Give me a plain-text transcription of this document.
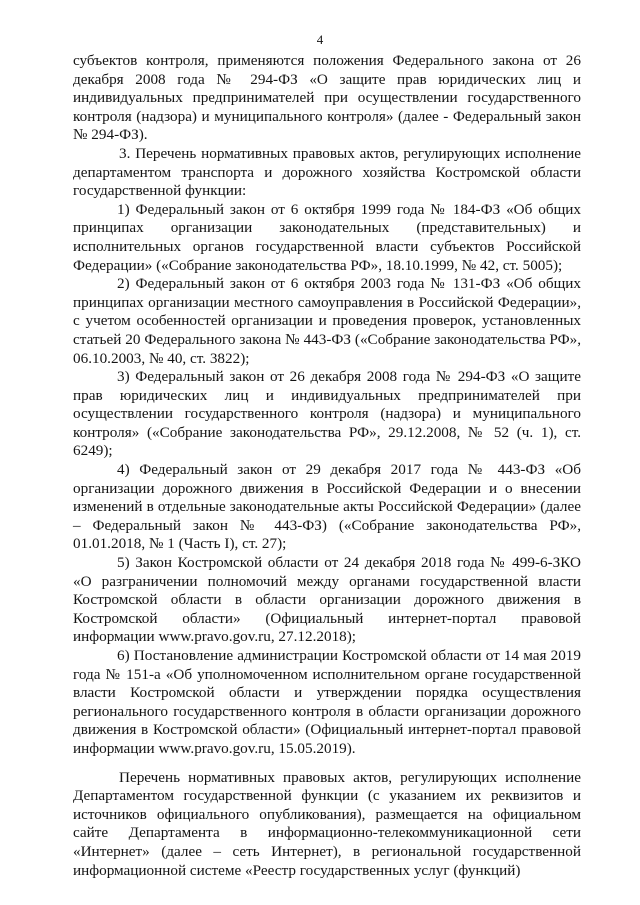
4

субъектов контроля, применяются положения Федерального закона от 26 декабря 2008 года № 294-ФЗ «О защите прав юридических лиц и индивидуальных предпринимателей при осуществлении государственного контроля (надзора) и муниципального контроля» (далее - Федеральный закон № 294-ФЗ).

3. Перечень нормативных правовых актов, регулирующих исполнение департаментом транспорта и дорожного хозяйства Костромской области государственной функции:

1) Федеральный закон от 6 октября 1999 года № 184-ФЗ «Об общих принципах организации законодательных (представительных) и исполнительных органов государственной власти субъектов Российской Федерации» («Собрание законодательства РФ», 18.10.1999, № 42, ст. 5005);

2) Федеральный закон от 6 октября 2003 года № 131-ФЗ «Об общих принципах организации местного самоуправления в Российской Федерации», с учетом особенностей организации и проведения проверок, установленных статьей 20 Федерального закона № 443-ФЗ («Собрание законодательства РФ», 06.10.2003, № 40, ст. 3822);

3) Федеральный закон от 26 декабря 2008 года № 294-ФЗ «О защите прав юридических лиц и индивидуальных предпринимателей при осуществлении государственного контроля (надзора) и муниципального контроля» («Собрание законодательства РФ», 29.12.2008, № 52 (ч. 1), ст. 6249);

4) Федеральный закон от 29 декабря 2017 года № 443-ФЗ «Об организации дорожного движения в Российской Федерации и о внесении изменений в отдельные законодательные акты Российской Федерации» (далее – Федеральный закон № 443-ФЗ) («Собрание законодательства РФ», 01.01.2018, № 1 (Часть I), ст. 27);

5) Закон Костромской области от 24 декабря 2018 года № 499-6-ЗКО «О разграничении полномочий между органами государственной власти Костромской области в области организации дорожного движения в Костромской области» (Официальный интернет-портал правовой информации www.pravo.gov.ru, 27.12.2018);

6) Постановление администрации Костромской области от 14 мая 2019 года № 151-а «Об уполномоченном исполнительном органе государственной власти Костромской области и утверждении порядка осуществления регионального государственного контроля в области организации дорожного движения в Костромской области» (Официальный интернет-портал правовой информации www.pravo.gov.ru, 15.05.2019).

Перечень нормативных правовых актов, регулирующих исполнение Департаментом государственной функции (с указанием их реквизитов и источников официального опубликования), размещается на официальном сайте Департамента в информационно-телекоммуникационной сети «Интернет» (далее – сеть Интернет), в региональной государственной информационной системе «Реестр государственных услуг (функций)
